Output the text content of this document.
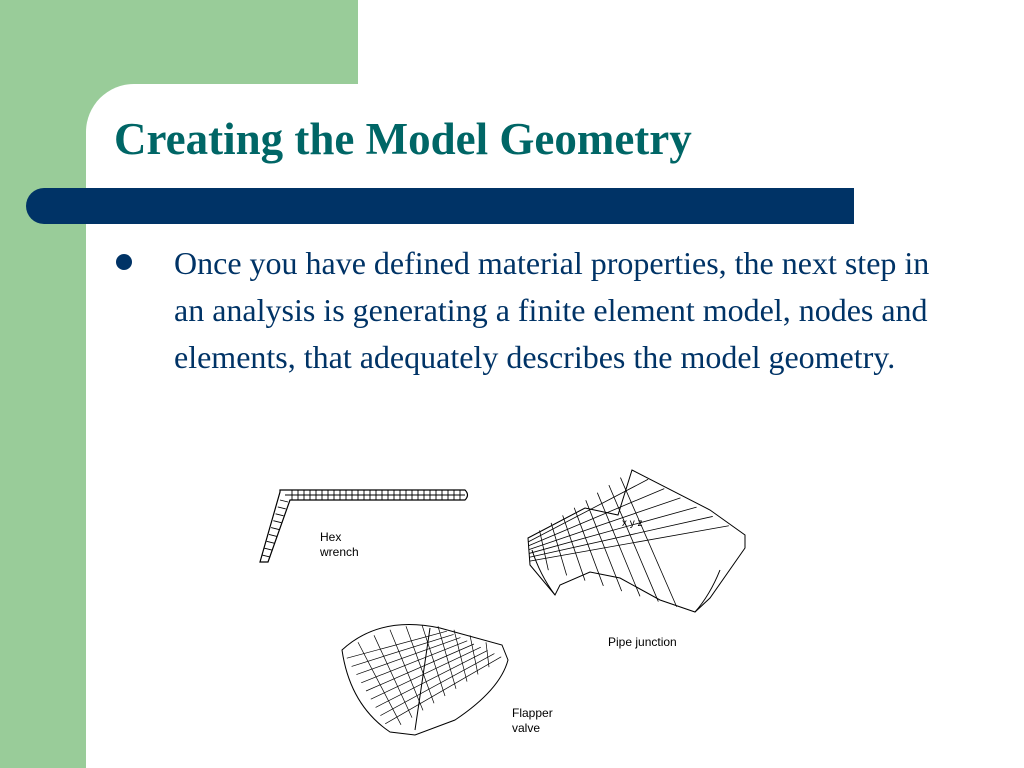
Creating the Model Geometry

Once you have defined material properties, the next step in an analysis is generating a finite element model, nodes and elements, that adequately describes the model geometry.

x y z
Hex
wrench
Pipe junction
Flapper
valve
